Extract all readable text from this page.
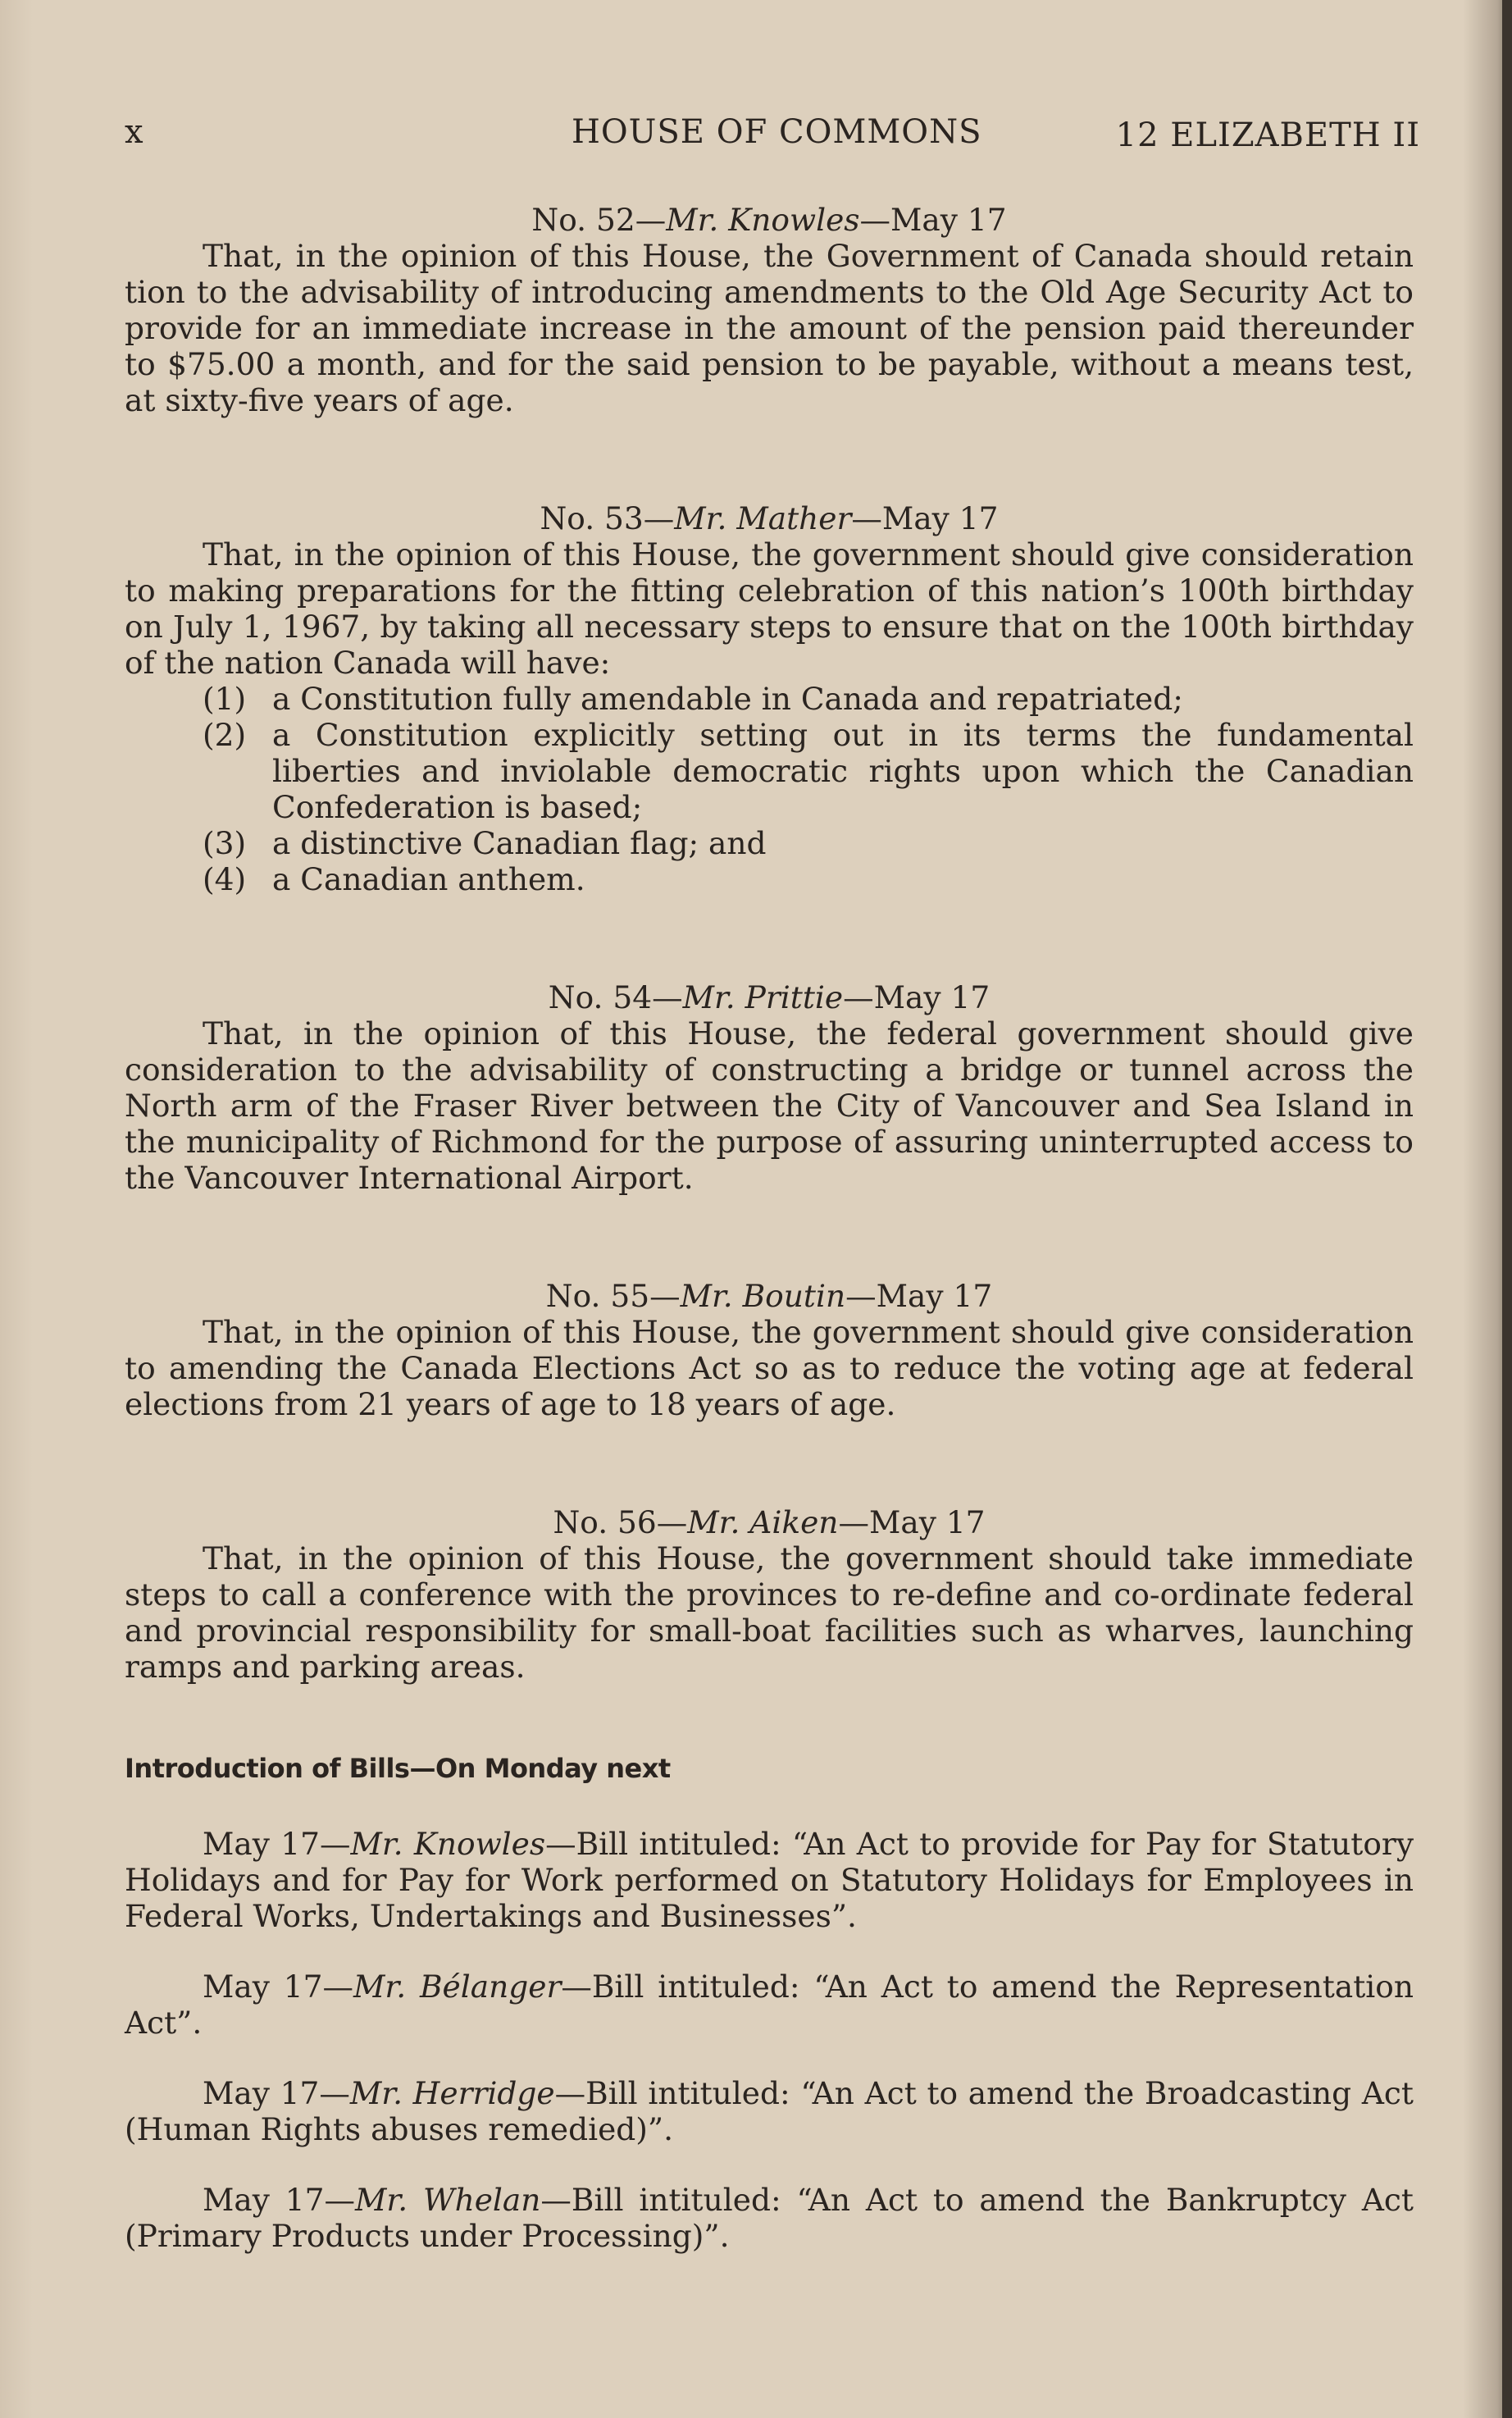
x	HOUSE OF COMMONS	12 ELIZABETH II

No. 52—Mr. Knowles—May 17

That, in the opinion of this House, the Government of Canada should retain tion to the advisability of introducing amendments to the Old Age Security Act to provide for an immediate increase in the amount of the pension paid thereunder to $75.00 a month, and for the said pension to be payable, without a means test, at sixty-five years of age.

No. 53—Mr. Mather—May 17

That, in the opinion of this House, the government should give consideration to making preparations for the fitting celebration of this nation’s 100th birthday on July 1, 1967, by taking all necessary steps to ensure that on the 100th birthday of the nation Canada will have:

(1) a Constitution fully amendable in Canada and repatriated;
(2) a Constitution explicitly setting out in its terms the fundamental liberties and inviolable democratic rights upon which the Canadian Confederation is based;
(3) a distinctive Canadian flag; and
(4) a Canadian anthem.

No. 54—Mr. Prittie—May 17

That, in the opinion of this House, the federal government should give consideration to the advisability of constructing a bridge or tunnel across the North arm of the Fraser River between the City of Vancouver and Sea Island in the municipality of Richmond for the purpose of assuring uninterrupted access to the Vancouver International Airport.

No. 55—Mr. Boutin—May 17

That, in the opinion of this House, the government should give consideration to amending the Canada Elections Act so as to reduce the voting age at federal elections from 21 years of age to 18 years of age.

No. 56—Mr. Aiken—May 17

That, in the opinion of this House, the government should take immediate steps to call a conference with the provinces to re-define and co-ordinate federal and provincial responsibility for small-boat facilities such as wharves, launching ramps and parking areas.

Introduction of Bills—On Monday next

May 17—Mr. Knowles—Bill intituled: “An Act to provide for Pay for Statutory Holidays and for Pay for Work performed on Statutory Holidays for Employees in Federal Works, Undertakings and Businesses”.

May 17—Mr. Bélanger—Bill intituled: “An Act to amend the Representation Act”.

May 17—Mr. Herridge—Bill intituled: “An Act to amend the Broadcasting Act (Human Rights abuses remedied)”.

May 17—Mr. Whelan—Bill intituled: “An Act to amend the Bankruptcy Act (Primary Products under Processing)”.
